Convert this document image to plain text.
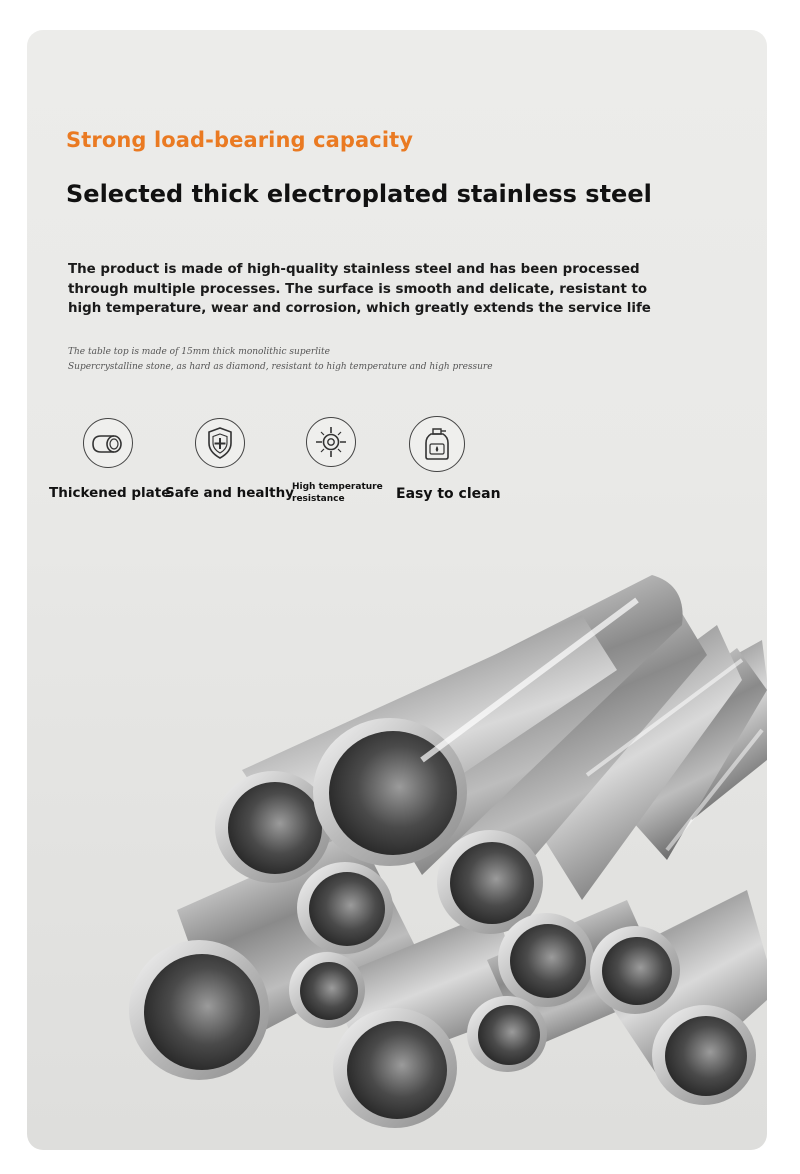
Strong load-bearing capacity
Selected thick electroplated stainless steel
The product is made of high-quality stainless steel and has been processed
through multiple processes. The surface is smooth and delicate, resistant to
high temperature, wear and corrosion, which greatly extends the service life
The table top is made of 15mm thick monolithic superlite
Supercrystalline stone, as hard as diamond, resistant to high temperature and high pressure
Thickened plate
Safe and healthy
High temperature
resistance	Easy to clean
